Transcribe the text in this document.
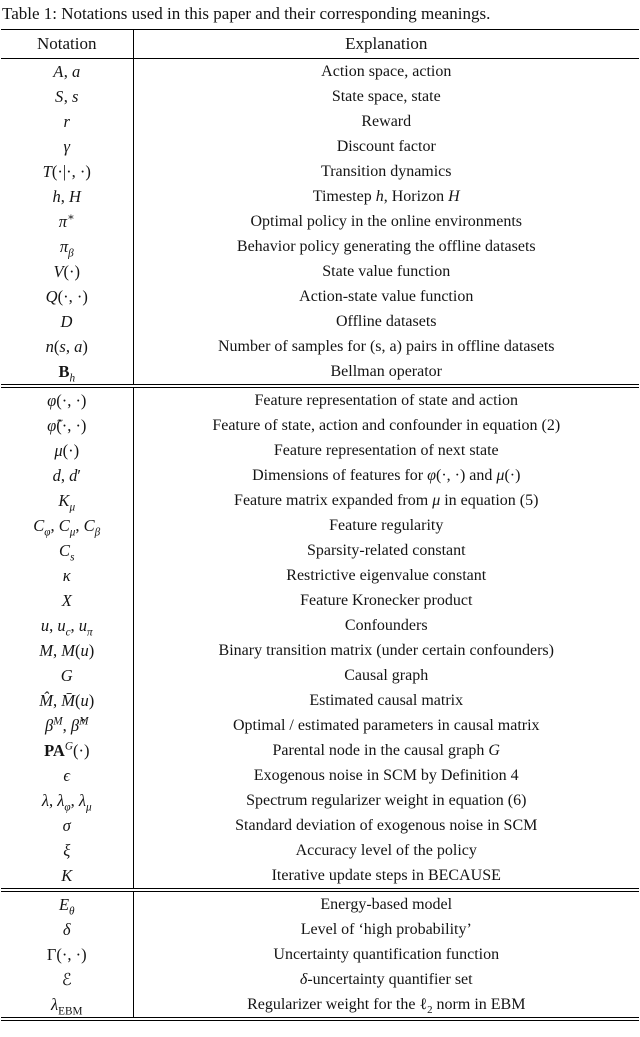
Table 1: Notations used in this paper and their corresponding meanings.
Notation	Explanation
A, a	Action space, action
S, s	State space, state
r	Reward
γ	Discount factor
T(·|·, ·)	Transition dynamics
h, H	Timestep h, Horizon H
π∗	Optimal policy in the online environments
$\pi_\beta$	Behavior policy generating the offline datasets
V(·)	State value function
Q(·, ·)	Action-state value function
D	Offline datasets
n(s, a)	Number of samples for (s, a) pairs in offline datasets
$B_h$	Bellman operator

φ(·, ·)	Feature representation of state and action
φ̃(·, ·)	Feature of state, action and confounder in equation (2)
μ(·)	Feature representation of next state
d, d′	Dimensions of features for φ(·, ·) and μ(·)
$K_\mu$	Feature matrix expanded from μ in equation (5)
$C_\varphi$, $C_\mu$, $C_\beta$	Feature regularity
$C_s$	Sparsity-related constant
κ	Restrictive eigenvalue constant
X	Feature Kronecker product
u, $u_c$, $u_\pi$	Confounders
M, M(u)	Binary transition matrix (under certain confounders)
G	Causal graph
M̂, M̄(u)	Estimated causal matrix
$\beta^M$, β̂$^M$	Optimal / estimated parameters in causal matrix
$PA^G(\cdot)$	Parental node in the causal graph G
ϵ	Exogenous noise in SCM by Definition 4
λ, $\lambda_\varphi$, $\lambda_\mu$	Spectrum regularizer weight in equation (6)
σ	Standard deviation of exogenous noise in SCM
ξ	Accuracy level of the policy
K	Iterative update steps in BECAUSE

$E_\theta$	Energy-based model
δ	Level of ‘high probability’
Γ(·, ·)	Uncertainty quantification function
ℰ	δ-uncertainty quantifier set
$\lambda_{EBM}$	Regularizer weight for the ℓ$_2$ norm in EBM
